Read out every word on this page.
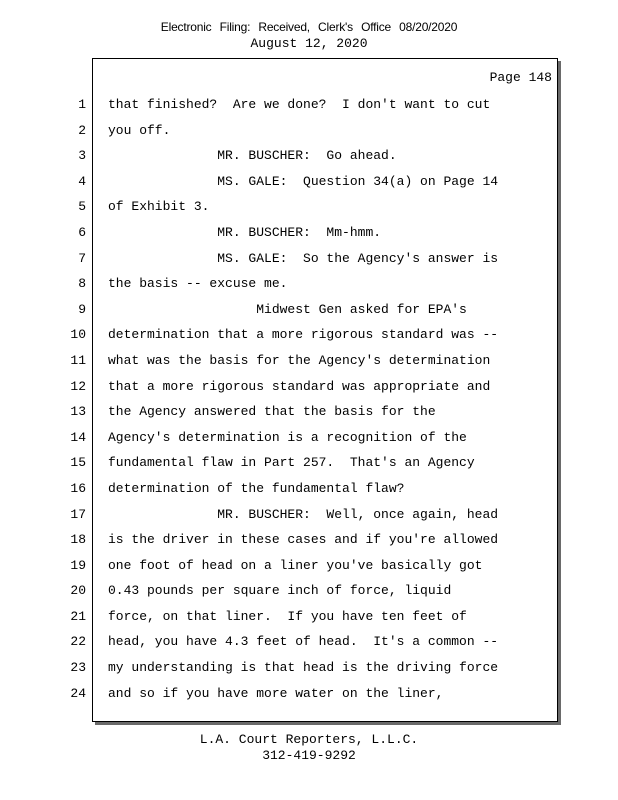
Electronic Filing: Received, Clerk's Office 08/20/2020
August 12, 2020
Page 148
1 that finished?  Are we done?  I don't want to cut
2 you off.
3 MR. BUSCHER:  Go ahead.
4 MS. GALE:  Question 34(a) on Page 14
5 of Exhibit 3.
6 MR. BUSCHER:  Mm-hmm.
7 MS. GALE:  So the Agency's answer is
8 the basis -- excuse me.
9 Midwest Gen asked for EPA's
10 determination that a more rigorous standard was --
11 what was the basis for the Agency's determination
12 that a more rigorous standard was appropriate and
13 the Agency answered that the basis for the
14 Agency's determination is a recognition of the
15 fundamental flaw in Part 257.  That's an Agency
16 determination of the fundamental flaw?
17 MR. BUSCHER:  Well, once again, head
18 is the driver in these cases and if you're allowed
19 one foot of head on a liner you've basically got
20 0.43 pounds per square inch of force, liquid
21 force, on that liner.  If you have ten feet of
22 head, you have 4.3 feet of head.  It's a common --
23 my understanding is that head is the driving force
24 and so if you have more water on the liner,
L.A. Court Reporters, L.L.C.
312-419-9292
